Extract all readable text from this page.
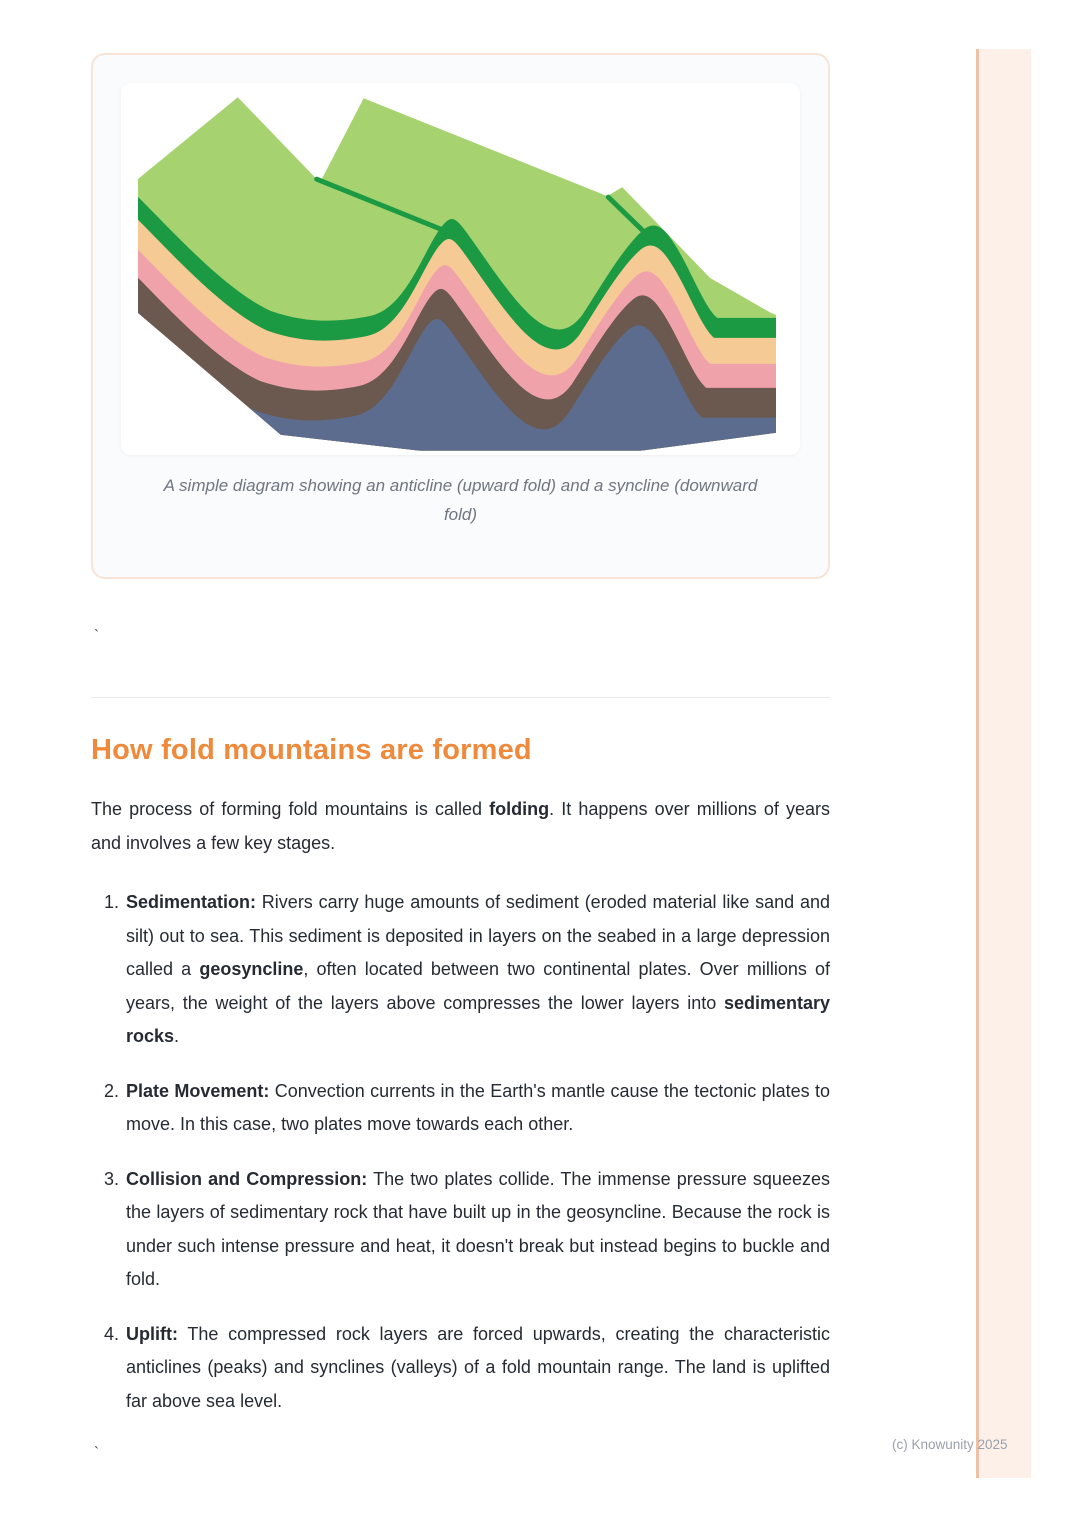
A simple diagram showing an anticline (upward fold) and a syncline (downward fold)
`
How fold mountains are formed

The process of forming fold mountains is called folding. It happens over millions of years and involves a few key stages.

1. Sedimentation: Rivers carry huge amounts of sediment (eroded material like sand and silt) out to sea. This sediment is deposited in layers on the seabed in a large depression called a geosyncline, often located between two continental plates. Over millions of years, the weight of the layers above compresses the lower layers into sedimentary rocks.
2. Plate Movement: Convection currents in the Earth's mantle cause the tectonic plates to move. In this case, two plates move towards each other.
3. Collision and Compression: The two plates collide. The immense pressure squeezes the layers of sedimentary rock that have built up in the geosyncline. Because the rock is under such intense pressure and heat, it doesn't break but instead begins to buckle and fold.
4. Uplift: The compressed rock layers are forced upwards, creating the characteristic anticlines (peaks) and synclines (valleys) of a fold mountain range. The land is uplifted far above sea level.
`	(c) Knowunity 2025
